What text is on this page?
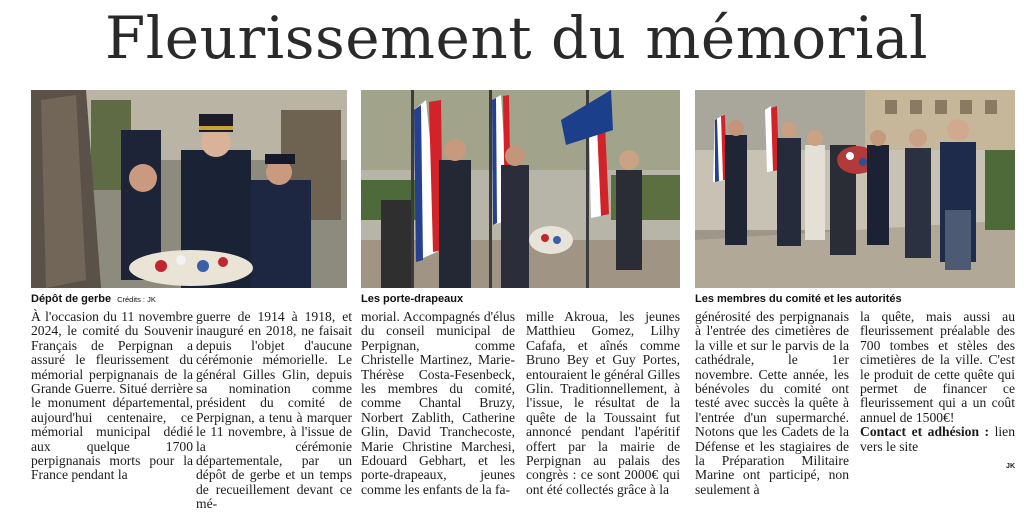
Fleurissement du mémorial
Dépôt de gerbe Crédits : JK	Les porte-drapeaux	Les membres du comité et les autorités

À l'occasion du 11 novembre 2024, le comité du Souvenir Français de Perpignan a assuré le fleurissement du mémorial perpignanais de la Grande Guerre. Situé derrière le monument départemental, aujourd'hui centenaire, ce mémorial municipal dédié aux quelque 1700 perpignanais morts pour la France pendant la

guerre de 1914 à 1918, et inauguré en 2018, ne faisait depuis l'objet d'aucune cérémonie mémorielle. Le général Gilles Glin, depuis sa nomination comme président du comité de Perpignan, a tenu à marquer le 11 novembre, à l'issue de la cérémonie départementale, par un dépôt de gerbe et un temps de recueillement devant ce mé-

morial. Accompagnés d'élus du conseil municipal de Perpignan, comme Christelle Martinez, Marie-Thérèse Costa-Fesenbeck, les membres du comité, comme Chantal Bruzy, Norbert Zablith, Catherine Glin, David Tranchecoste, Marie Christine Marchesi, Edouard Gebhart, et les porte-drapeaux, jeunes comme les enfants de la fa-

mille Akroua, les jeunes Matthieu Gomez, Lilhy Cafafa, et aînés comme Bruno Bey et Guy Portes, entouraient le général Gilles Glin. Traditionnellement, à l'issue, le résultat de la quête de la Toussaint fut annoncé pendant l'apéritif offert par la mairie de Perpignan au palais des congrès : ce sont 2000€ qui ont été collectés grâce à la

générosité des perpignanais à l'entrée des cimetières de la ville et sur le parvis de la cathédrale, le 1er novembre. Cette année, les bénévoles du comité ont testé avec succès la quête à l'entrée d'un supermarché. Notons que les Cadets de la Défense et les stagiaires de la Préparation Militaire Marine ont participé, non seulement à

la quête, mais aussi au fleurissement préalable des 700 tombes et stèles des cimetières de la ville. C'est le produit de cette quête qui permet de financer ce fleurissement qui a un coût annuel de 1500€!

Contact et adhésion : lien vers le site

JK
